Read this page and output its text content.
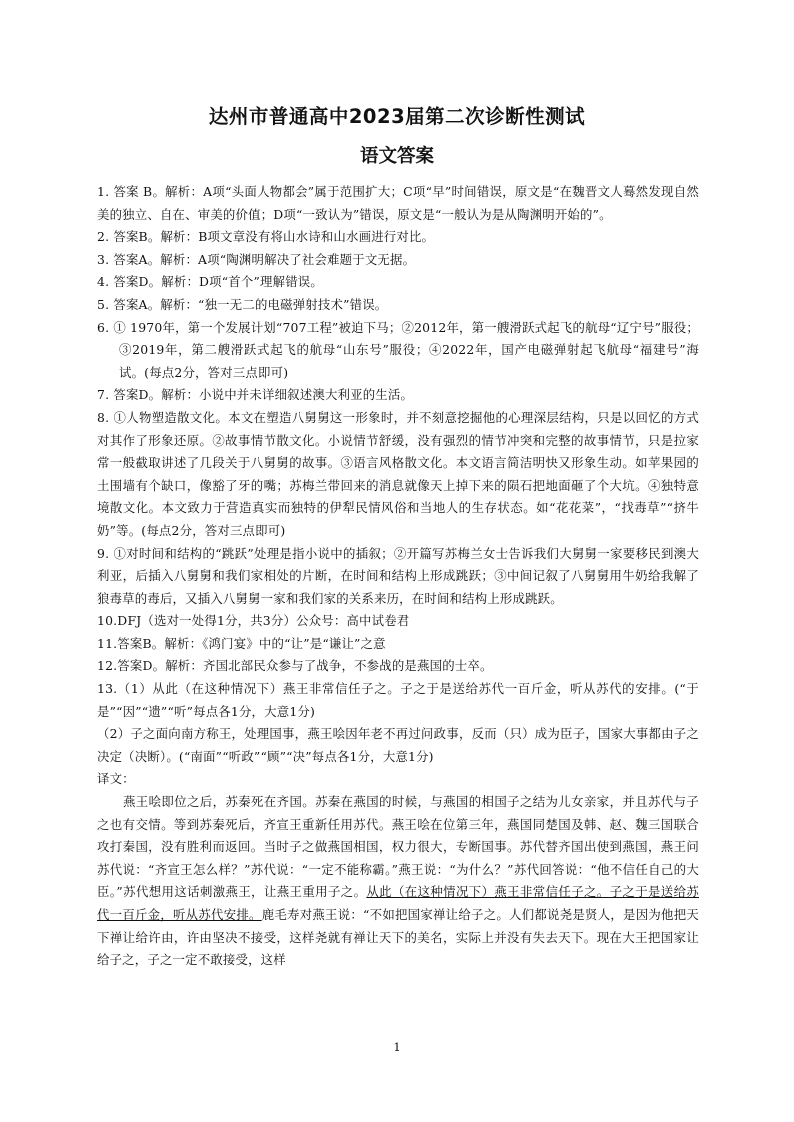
达州市普通高中2023届第二次诊断性测试
语文答案

1. 答案 B。解析：A项“头面人物都会”属于范围扩大；C项“早”时间错误，原文是“在魏晋文人蓦然发现自然美的独立、自在、审美的价值；D项“一致认为”错误，原文是“一般认为是从陶渊明开始的”。

2. 答案B。解析：B项文章没有将山水诗和山水画进行对比。

3. 答案A。解析：A项“陶渊明解决了社会难题于文无据。

4. 答案D。解析：D项“首个”理解错误。

5. 答案A。解析：“独一无二的电磁弹射技术”错误。

6. ① 1970年，第一个发展计划“707工程”被迫下马；②2012年，第一艘滑跃式起飞的航母“辽宁号”服役；③2019年，第二艘滑跃式起飞的航母“山东号”服役；④2022年，国产电磁弹射起飞航母“福建号”海试。(每点2分，答对三点即可)

7. 答案D。解析：小说中并未详细叙述澳大利亚的生活。

8. ①人物塑造散文化。本文在塑造八舅舅这一形象时，并不刻意挖掘他的心理深层结构，只是以回忆的方式对其作了形象还原。②故事情节散文化。小说情节舒缓，没有强烈的情节冲突和完整的故事情节，只是拉家常一般截取讲述了几段关于八舅舅的故事。③语言风格散文化。本文语言简洁明快又形象生动。如苹果园的土围墙有个缺口，像豁了牙的嘴；苏梅兰带回来的消息就像天上掉下来的陨石把地面砸了个大坑。④独特意境散文化。本文致力于营造真实而独特的伊犁民情风俗和当地人的生存状态。如“花花菜”，“找毒草”“挤牛奶”等。(每点2分，答对三点即可)

9. ①对时间和结构的“跳跃”处理是指小说中的插叙；②开篇写苏梅兰女士告诉我们大舅舅一家要移民到澳大利亚，后插入八舅舅和我们家相处的片断，在时间和结构上形成跳跃；③中间记叙了八舅舅用牛奶给我解了狼毒草的毒后，又插入八舅舅一家和我们家的关系来历，在时间和结构上形成跳跃。

10.DFJ（选对一处得1分，共3分）公众号：高中试卷君

11.答案B。解析：《鸿门宴》中的“让”是“谦让”之意

12.答案D。解析：齐国北部民众参与了战争，不参战的是燕国的士卒。

13.（1）从此（在这种情况下）燕王非常信任子之。子之于是送给苏代一百斤金，听从苏代的安排。(“于是”“因”“遗”“听”每点各1分，大意1分)

（2）子之面向南方称王，处理国事，燕王哙因年老不再过问政事，反而（只）成为臣子，国家大事都由子之决定（决断）。(“南面”“听政”“顾”“决”每点各1分，大意1分)

译文：

燕王哙即位之后，苏秦死在齐国。苏秦在燕国的时候，与燕国的相国子之结为儿女亲家，并且苏代与子之也有交情。等到苏秦死后，齐宣王重新任用苏代。燕王哙在位第三年，燕国同楚国及韩、赵、魏三国联合攻打秦国，没有胜利而返回。当时子之做燕国相国，权力很大，专断国事。苏代替齐国出使到燕国，燕王问苏代说：“齐宣王怎么样？”苏代说：“一定不能称霸。”燕王说：“为什么？”苏代回答说：“他不信任自己的大臣。”苏代想用这话刺激燕王，让燕王重用子之。从此（在这种情况下）燕王非常信任子之。子之于是送给苏代一百斤金，听从苏代安排。鹿毛寿对燕王说：“不如把国家禅让给子之。人们都说尧是贤人，是因为他把天下禅让给许由，许由坚决不接受，这样尧就有禅让天下的美名，实际上并没有失去天下。现在大王把国家让给子之，子之一定不敢接受，这样

1
